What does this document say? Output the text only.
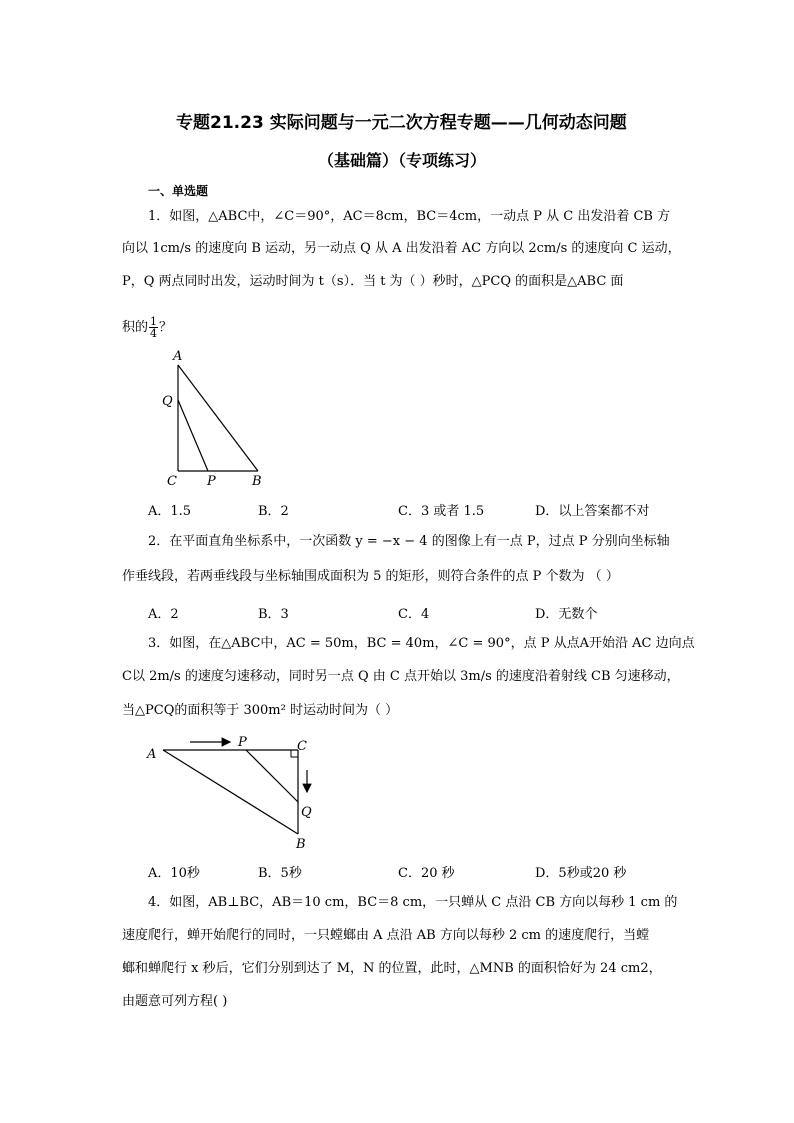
专题21.23 实际问题与一元二次方程专题——几何动态问题
（基础篇）（专项练习）
一、单选题
1．如图，△ABC中，∠C＝90°，AC＝8cm，BC＝4cm，一动点 P 从 C 出发沿着 CB 方
向以 1cm/s 的速度向 B 运动，另一动点 Q 从 A 出发沿着 AC 方向以 2cm/s 的速度向 C 运动，
P，Q 两点同时出发，运动时间为 t（s）．当 t 为（ ）秒时，△PCQ 的面积是△ABC 面
积的 $\frac{1}{4}$ ？
A
Q
C P	B
A．1.5	B．2	C．3 或者 1.5	D．以上答案都不对
2．在平面直角坐标系中，一次函数 y = −x − 4 的图像上有一点 P，过点 P 分别向坐标轴
作垂线段，若两垂线段与坐标轴围成面积为 5 的矩形，则符合条件的点 P 个数为 （ ）
A．2	B．3	C．4	D．无数个
3．如图，在△ABC中，AC = 50m，BC = 40m，∠C = 90°，点 P 从点A开始沿 AC 边向点
C以 2m/s 的速度匀速移动，同时另一点 Q 由 C 点开始以 3m/s 的速度沿着射线 CB 匀速移动，
当△PCQ的面积等于 300m² 时运动时间为（ ）
A
P	C
Q
B
A．10秒	B．5秒	C．20 秒	D．5秒或20 秒
4．如图，AB⊥BC，AB＝10 cm，BC＝8 cm，一只蝉从 C 点沿 CB 方向以每秒 1 cm 的
速度爬行，蝉开始爬行的同时，一只螳螂由 A 点沿 AB 方向以每秒 2 cm 的速度爬行，当螳
螂和蝉爬行 x 秒后，它们分别到达了 M，N 的位置，此时，△MNB 的面积恰好为 24 cm2，
由题意可列方程( )
